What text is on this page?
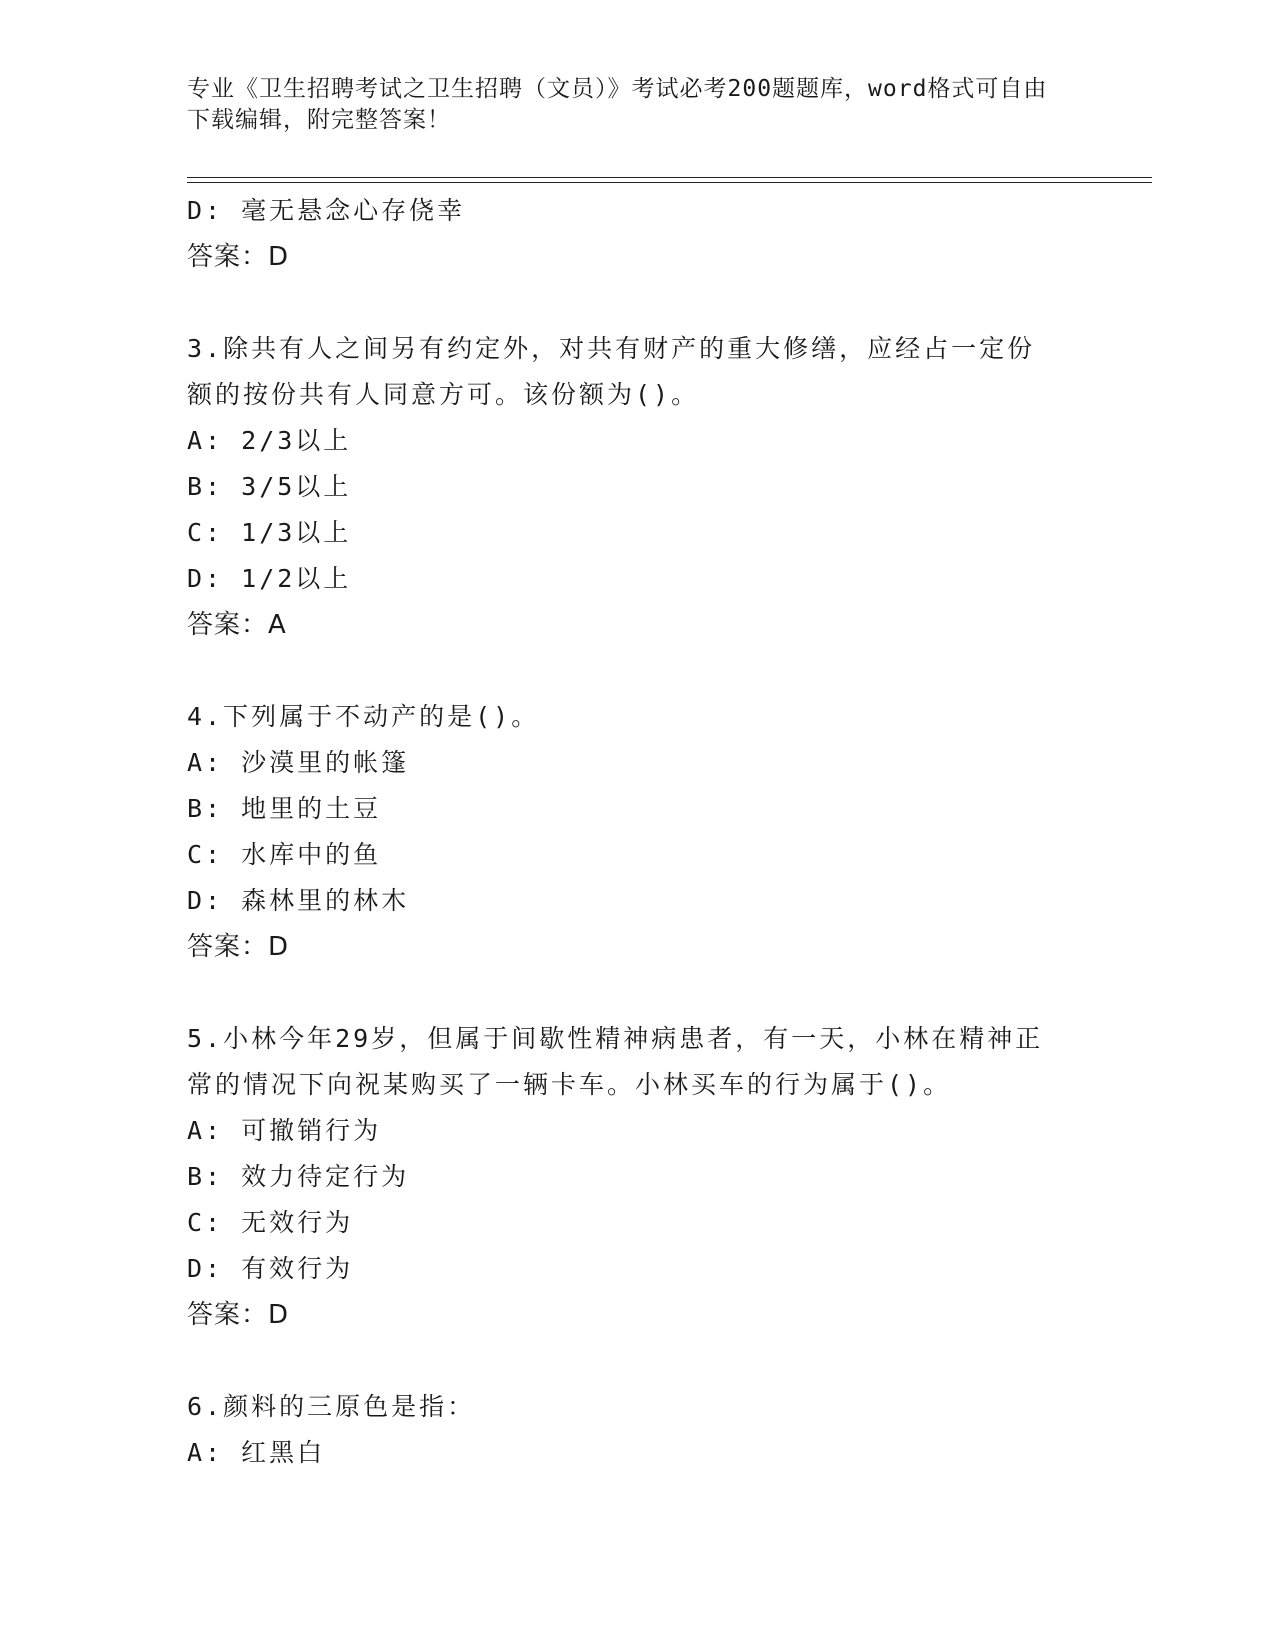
专业《卫生招聘考试之卫生招聘（文员）》考试必考200题题库，word格式可自由下载编辑，附完整答案！
D: 毫无悬念心存侥幸
答案：D
3.除共有人之间另有约定外，对共有财产的重大修缮，应经占一定份
额的按份共有人同意方可。该份额为()。
A: 2/3以上
B: 3/5以上
C: 1/3以上
D: 1/2以上
答案：A
4.下列属于不动产的是()。
A: 沙漠里的帐篷
B: 地里的土豆
C: 水库中的鱼
D: 森林里的林木
答案：D
5.小林今年29岁，但属于间歇性精神病患者，有一天，小林在精神正
常的情况下向祝某购买了一辆卡车。小林买车的行为属于()。
A: 可撤销行为
B: 效力待定行为
C: 无效行为
D: 有效行为
答案：D
6.颜料的三原色是指：
A: 红黑白
